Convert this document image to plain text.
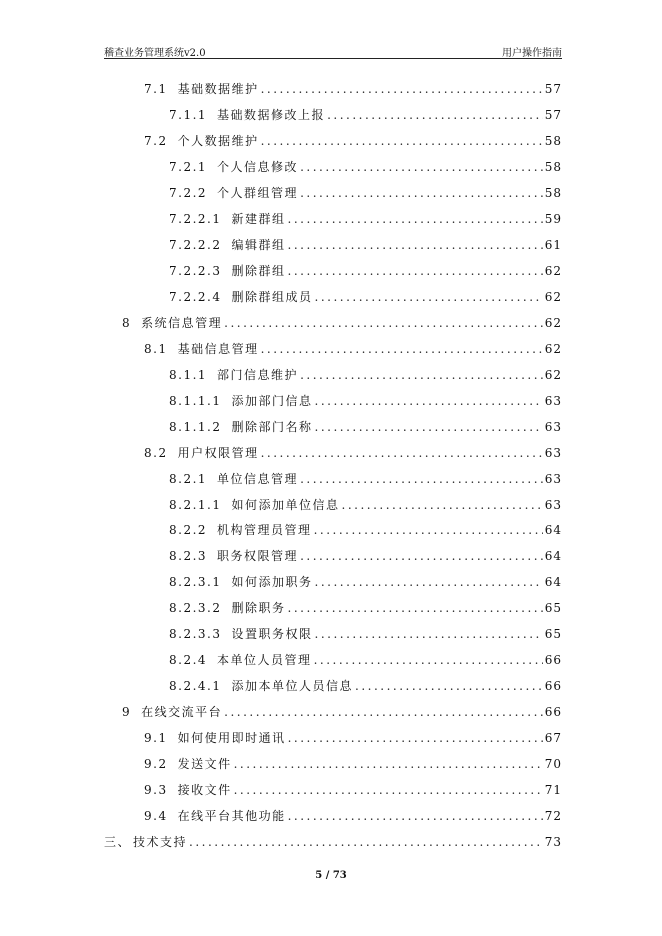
稽查业务管理系统v2.0	用户操作指南
7.1 基础数据维护 .....	57
7.1.1 基础数据修改上报 .....	57
7.2 个人数据维护 .....	58
7.2.1 个人信息修改 .....	58
7.2.2 个人群组管理 .....	58
7.2.2.1 新建群组 .....	59
7.2.2.2 编辑群组 .....	61
7.2.2.3 删除群组 .....	62
7.2.2.4 删除群组成员 .....	62
8 系统信息管理 .....	62
8.1 基础信息管理 .....	62
8.1.1 部门信息维护 .....	62
8.1.1.1 添加部门信息 .....	63
8.1.1.2 删除部门名称 .....	63
8.2 用户权限管理 .....	63
8.2.1 单位信息管理 .....	63
8.2.1.1 如何添加单位信息 .....	63
8.2.2 机构管理员管理 .....	64
8.2.3 职务权限管理 .....	64
8.2.3.1 如何添加职务 .....	64
8.2.3.2 删除职务 .....	65
8.2.3.3 设置职务权限 .....	65
8.2.4 本单位人员管理 .....	66
8.2.4.1 添加本单位人员信息 .....	66
9 在线交流平台 .....	66
9.1 如何使用即时通讯 .....	67
9.2 发送文件 .....	70
9.3 接收文件 .....	71
9.4 在线平台其他功能 .....	72
三、 技术支持 .....	73
5 / 73
